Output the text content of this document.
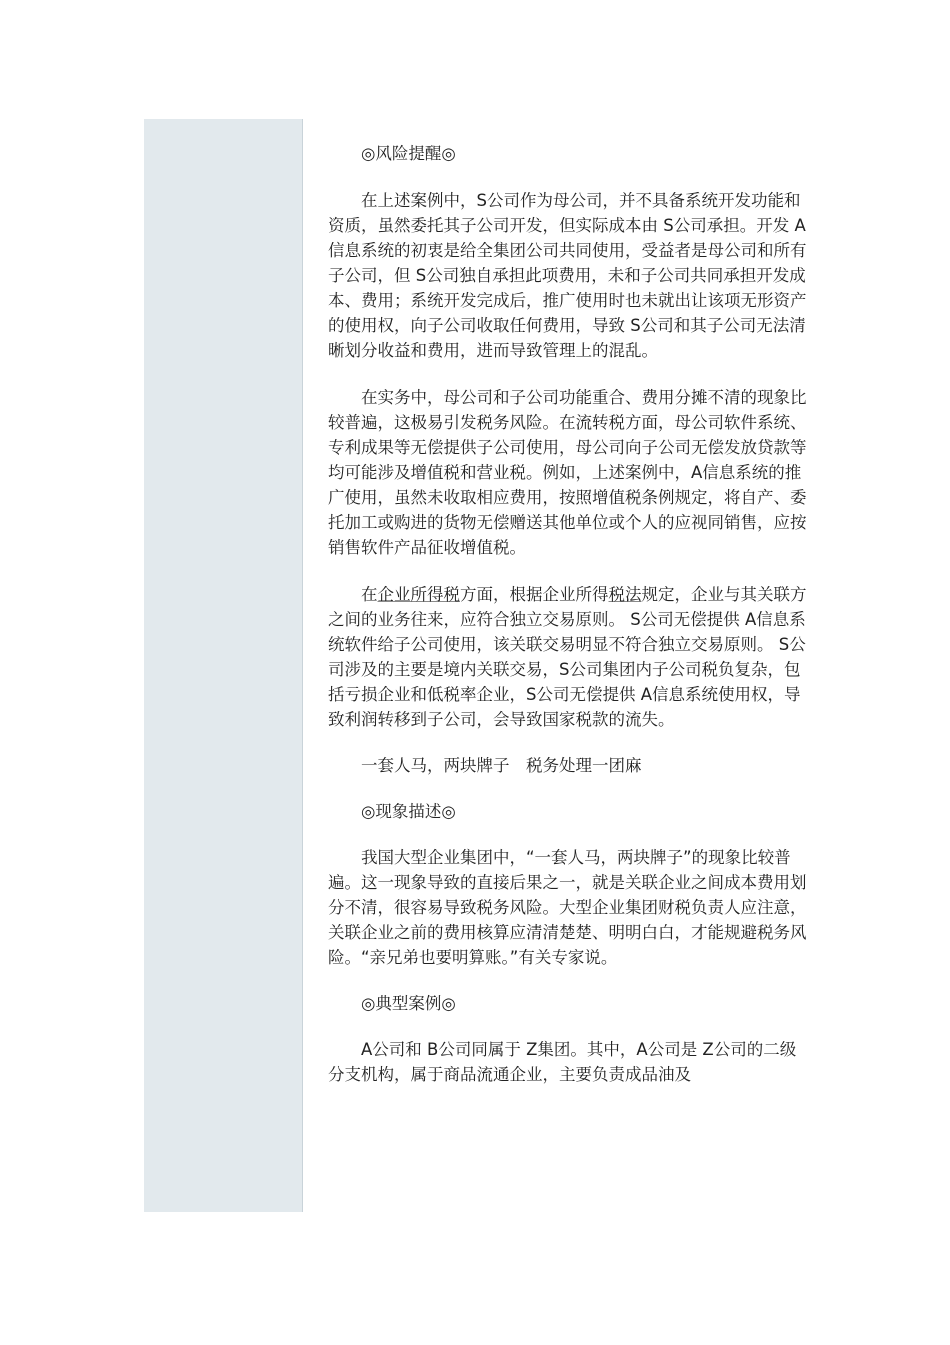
◎风险提醒◎

在上述案例中，S公司作为母公司，并不具备系统开发功能和资质，虽然委托其子公司开发，但实际成本由 S公司承担。开发 A信息系统的初衷是给全集团公司共同使用，受益者是母公司和所有子公司，但 S公司独自承担此项费用，未和子公司共同承担开发成本、费用；系统开发完成后，推广使用时也未就出让该项无形资产的使用权，向子公司收取任何费用，导致 S公司和其子公司无法清晰划分收益和费用，进而导致管理上的混乱。

在实务中，母公司和子公司功能重合、费用分摊不清的现象比较普遍，这极易引发税务风险。在流转税方面，母公司软件系统、专利成果等无偿提供子公司使用，母公司向子公司无偿发放贷款等均可能涉及增值税和营业税。例如，上述案例中，A信息系统的推广使用，虽然未收取相应费用，按照增值税条例规定，将自产、委托加工或购进的货物无偿赠送其他单位或个人的应视同销售，应按销售软件产品征收增值税。

在企业所得税方面，根据企业所得税法规定，企业与其关联方之间的业务往来，应符合独立交易原则。 S公司无偿提供 A信息系统软件给子公司使用，该关联交易明显不符合独立交易原则。 S公司涉及的主要是境内关联交易，S公司集团内子公司税负复杂，包括亏损企业和低税率企业，S公司无偿提供 A信息系统使用权，导致利润转移到子公司，会导致国家税款的流失。

一套人马，两块牌子　税务处理一团麻

◎现象描述◎

我国大型企业集团中，“一套人马，两块牌子”的现象比较普遍。这一现象导致的直接后果之一，就是关联企业之间成本费用划分不清，很容易导致税务风险。大型企业集团财税负责人应注意，关联企业之前的费用核算应清清楚楚、明明白白，才能规避税务风险。“亲兄弟也要明算账。”有关专家说。

◎典型案例◎

A公司和 B公司同属于 Z集团。其中，A公司是 Z公司的二级分支机构，属于商品流通企业，主要负责成品油及
